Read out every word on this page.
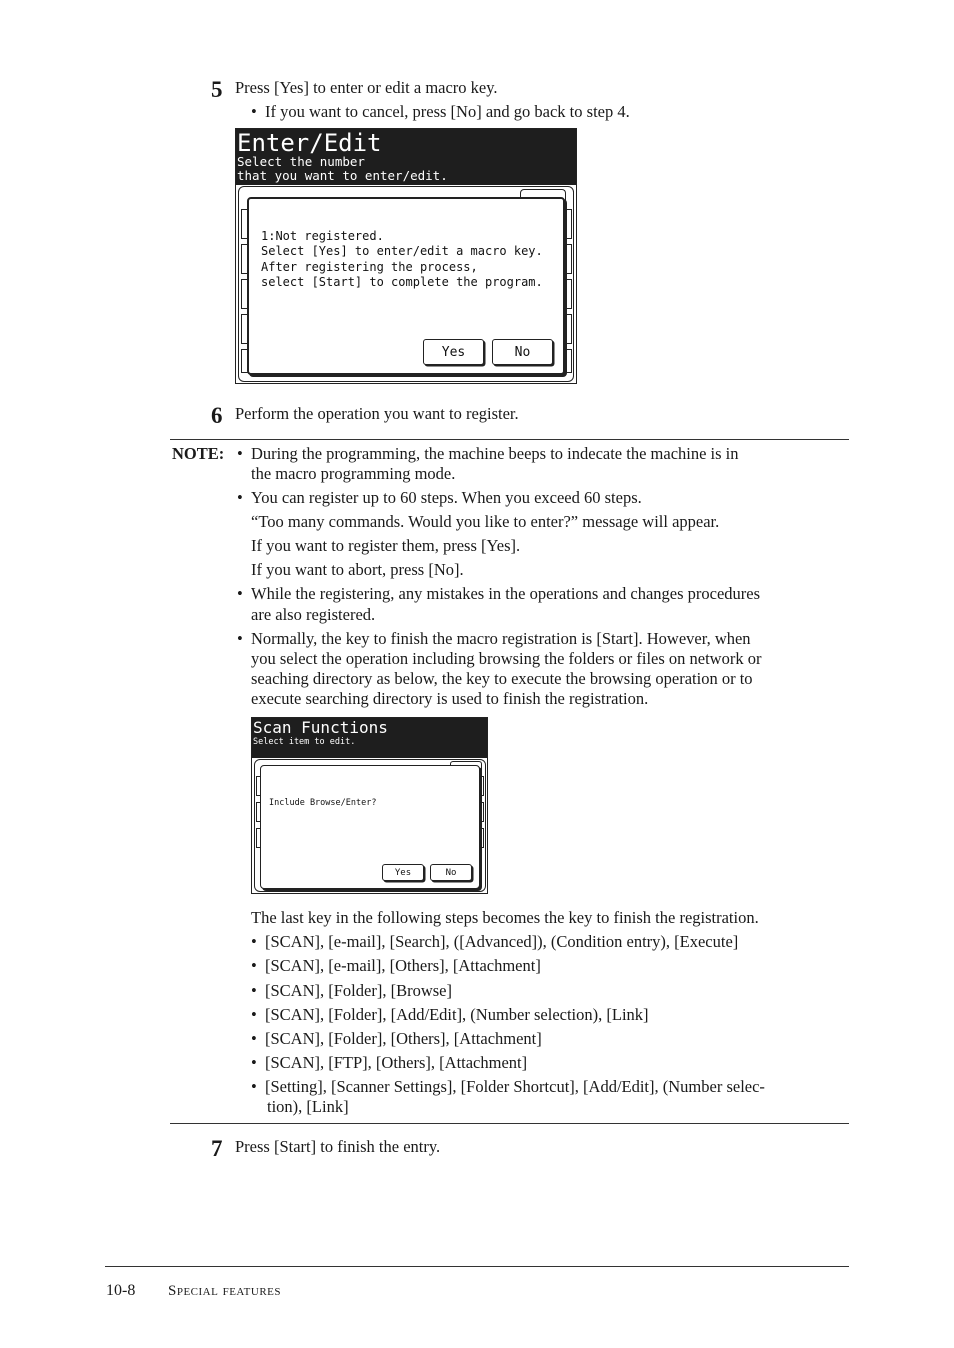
5 Press [Yes] to enter or edit a macro key.
• If you want to cancel, press [No] and go back to step 4.
Enter/Edit
Select the number
that you want to enter/edit.
1:Not registered.
Select [Yes] to enter/edit a macro key.
After registering the process,
select [Start] to complete the program.
Yes	No
6 Perform the operation you want to register.
NOTE: • During the programming, the machine beeps to indecate the machine is in
the macro programming mode.
• You can register up to 60 steps. When you exceed 60 steps.
“Too many commands. Would you like to enter?” message will appear.
If you want to register them, press [Yes].
If you want to abort, press [No].
• While the registering, any mistakes in the operations and changes procedures
are also registered.
• Normally, the key to finish the macro registration is [Start]. However, when
you select the operation including browsing the folders or files on network or
seaching directory as below, the key to execute the browsing operation or to
execute searching directory is used to finish the registration.
Scan Functions
Select item to edit.
Include Browse/Enter?
Yes	No
The last key in the following steps becomes the key to finish the registration.
• [SCAN], [e-mail], [Search], ([Advanced]), (Condition entry), [Execute]
• [SCAN], [e-mail], [Others], [Attachment]
• [SCAN], [Folder], [Browse]
• [SCAN], [Folder], [Add/Edit], (Number selection), [Link]
• [SCAN], [Folder], [Others], [Attachment]
• [SCAN], [FTP], [Others], [Attachment]
• [Setting], [Scanner Settings], [Folder Shortcut], [Add/Edit], (Number selec-
tion), [Link]
7 Press [Start] to finish the entry.
10-8 Special features
